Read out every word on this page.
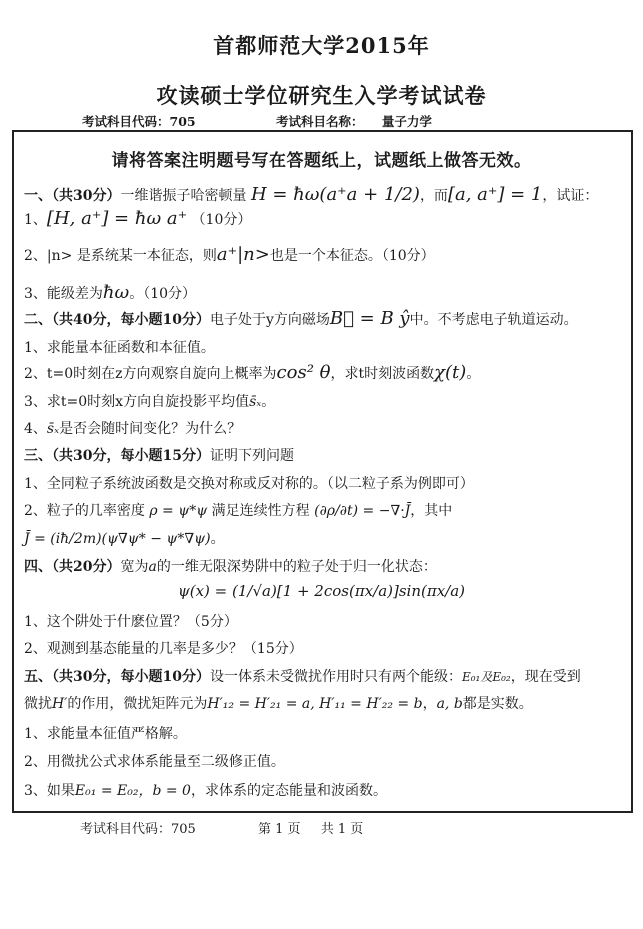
首都师范大学2015年
攻读硕士学位研究生入学考试试卷
考试科目代码：705	考试科目名称： 量子力学
请将答案注明题号写在答题纸上，试题纸上做答无效。
一、（共30分）一维谐振子哈密顿量 H = ħω(a⁺a + 1/2)，而[a, a⁺] = 1，试证：
1、[H, a⁺] = ħω a⁺ （10分）
2、|n> 是系统某一本征态，则a⁺|n>也是一个本征态。（10分）
3、能级差为ħω。（10分）
二、（共40分，每小题10分）电子处于y方向磁场B⃗ = B ŷ中。不考虑电子轨道运动。
1、求能量本征函数和本征值。
2、t=0时刻在z方向观察自旋向上概率为cos² θ，求t时刻波函数χ(t)。
3、求t=0时刻x方向自旋投影平均值s̄ₓ。
4、s̄ₓ是否会随时间变化？为什么？
三、（共30分，每小题15分）证明下列问题
1、全同粒子系统波函数是交换对称或反对称的。（以二粒子系为例即可）
2、粒子的几率密度 ρ = ψ*ψ 满足连续性方程 (∂ρ/∂t) = −∇·J̄，其中
J̄ = (iħ/2m)(ψ∇ψ* − ψ*∇ψ)。
四、（共20分）宽为a的一维无限深势阱中的粒子处于归一化状态：
ψ(x) = (1/√a)[1 + 2cos(πx/a)]sin(πx/a)
1、这个阱处于什麽位置？（5分）
2、观测到基态能量的几率是多少？（15分）
五、（共30分，每小题10分）设一体系未受微扰作用时只有两个能级：E₀₁及E₀₂，现在受到
微扰H′的作用，微扰矩阵元为H′₁₂ = H′₂₁ = a, H′₁₁ = H′₂₂ = b，a, b都是实数。
1、求能量本征值严格解。
2、用微扰公式求体系能量至二级修正值。
3、如果E₀₁ = E₀₂，b = 0，求体系的定态能量和波函数。
考试科目代码：705	第 1 页 共 1 页
